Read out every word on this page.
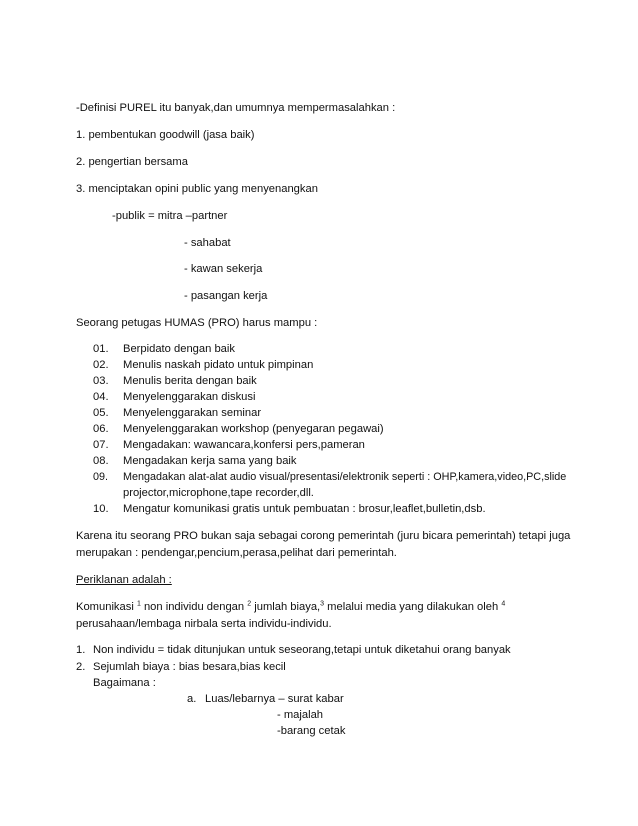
-Definisi PUREL itu banyak,dan umumnya mempermasalahkan :
1. pembentukan goodwill (jasa baik)
2. pengertian bersama
3. menciptakan opini public yang menyenangkan
-publik = mitra –partner
- sahabat
- kawan sekerja
- pasangan kerja
Seorang petugas HUMAS (PRO) harus mampu :
01. Berpidato dengan baik
02. Menulis naskah pidato untuk pimpinan
03. Menulis berita dengan baik
04. Menyelenggarakan diskusi
05. Menyelenggarakan seminar
06. Menyelenggarakan workshop (penyegaran pegawai)
07. Mengadakan: wawancara,konfersi pers,pameran
08. Mengadakan kerja sama yang baik
09. Mengadakan alat-alat audio visual/presentasi/elektronik seperti : OHP,kamera,video,PC,slide
projector,microphone,tape recorder,dll.
10. Mengatur komunikasi gratis untuk pembuatan : brosur,leaflet,bulletin,dsb.
Karena itu seorang PRO bukan saja sebagai corong pemerintah (juru bicara pemerintah) tetapi juga
merupakan : pendengar,pencium,perasa,pelihat dari pemerintah.
Periklanan adalah :
Komunikasi $^1$ non individu dengan $^2$ jumlah biaya,$^3$ melalui media yang dilakukan oleh $^4$
perusahaan/lembaga nirbala serta individu-individu.
1. Non individu = tidak ditunjukan untuk seseorang,tetapi untuk diketahui orang banyak
2. Sejumlah biaya : bias besara,bias kecil
Bagaimana :
a. Luas/lebarnya – surat kabar
- majalah
-barang cetak
